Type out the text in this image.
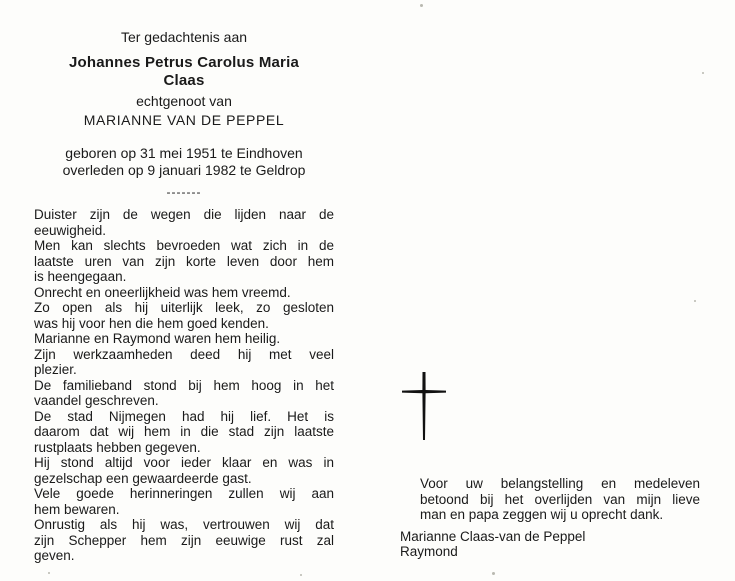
Ter gedachtenis aan
Johannes Petrus Carolus Maria
Claas
echtgenoot van
MARIANNE VAN DE PEPPEL
geboren op 31 mei 1951 te Eindhoven
overleden op 9 januari 1982 te Geldrop
-------
Duister zijn de wegen die lijden naar de
eeuwigheid.
Men kan slechts bevroeden wat zich in de
laatste uren van zijn korte leven door hem
is heengegaan.
Onrecht en oneerlijkheid was hem vreemd.
Zo open als hij uiterlijk leek, zo gesloten
was hij voor hen die hem goed kenden.
Marianne en Raymond waren hem heilig.
Zijn werkzaamheden deed hij met veel
plezier.
De familieband stond bij hem hoog in het
vaandel geschreven.
De stad Nijmegen had hij lief. Het is
daarom dat wij hem in die stad zijn laatste
rustplaats hebben gegeven.
Hij stond altijd voor ieder klaar en was in
gezelschap een gewaardeerde gast.
Vele goede herinneringen zullen wij aan
hem bewaren.
Onrustig als hij was, vertrouwen wij dat
zijn Schepper hem zijn eeuwige rust zal
geven.
Voor uw belangstelling en medeleven
betoond bij het overlijden van mijn lieve
man en papa zeggen wij u oprecht dank.
Marianne Claas-van de Peppel
Raymond
